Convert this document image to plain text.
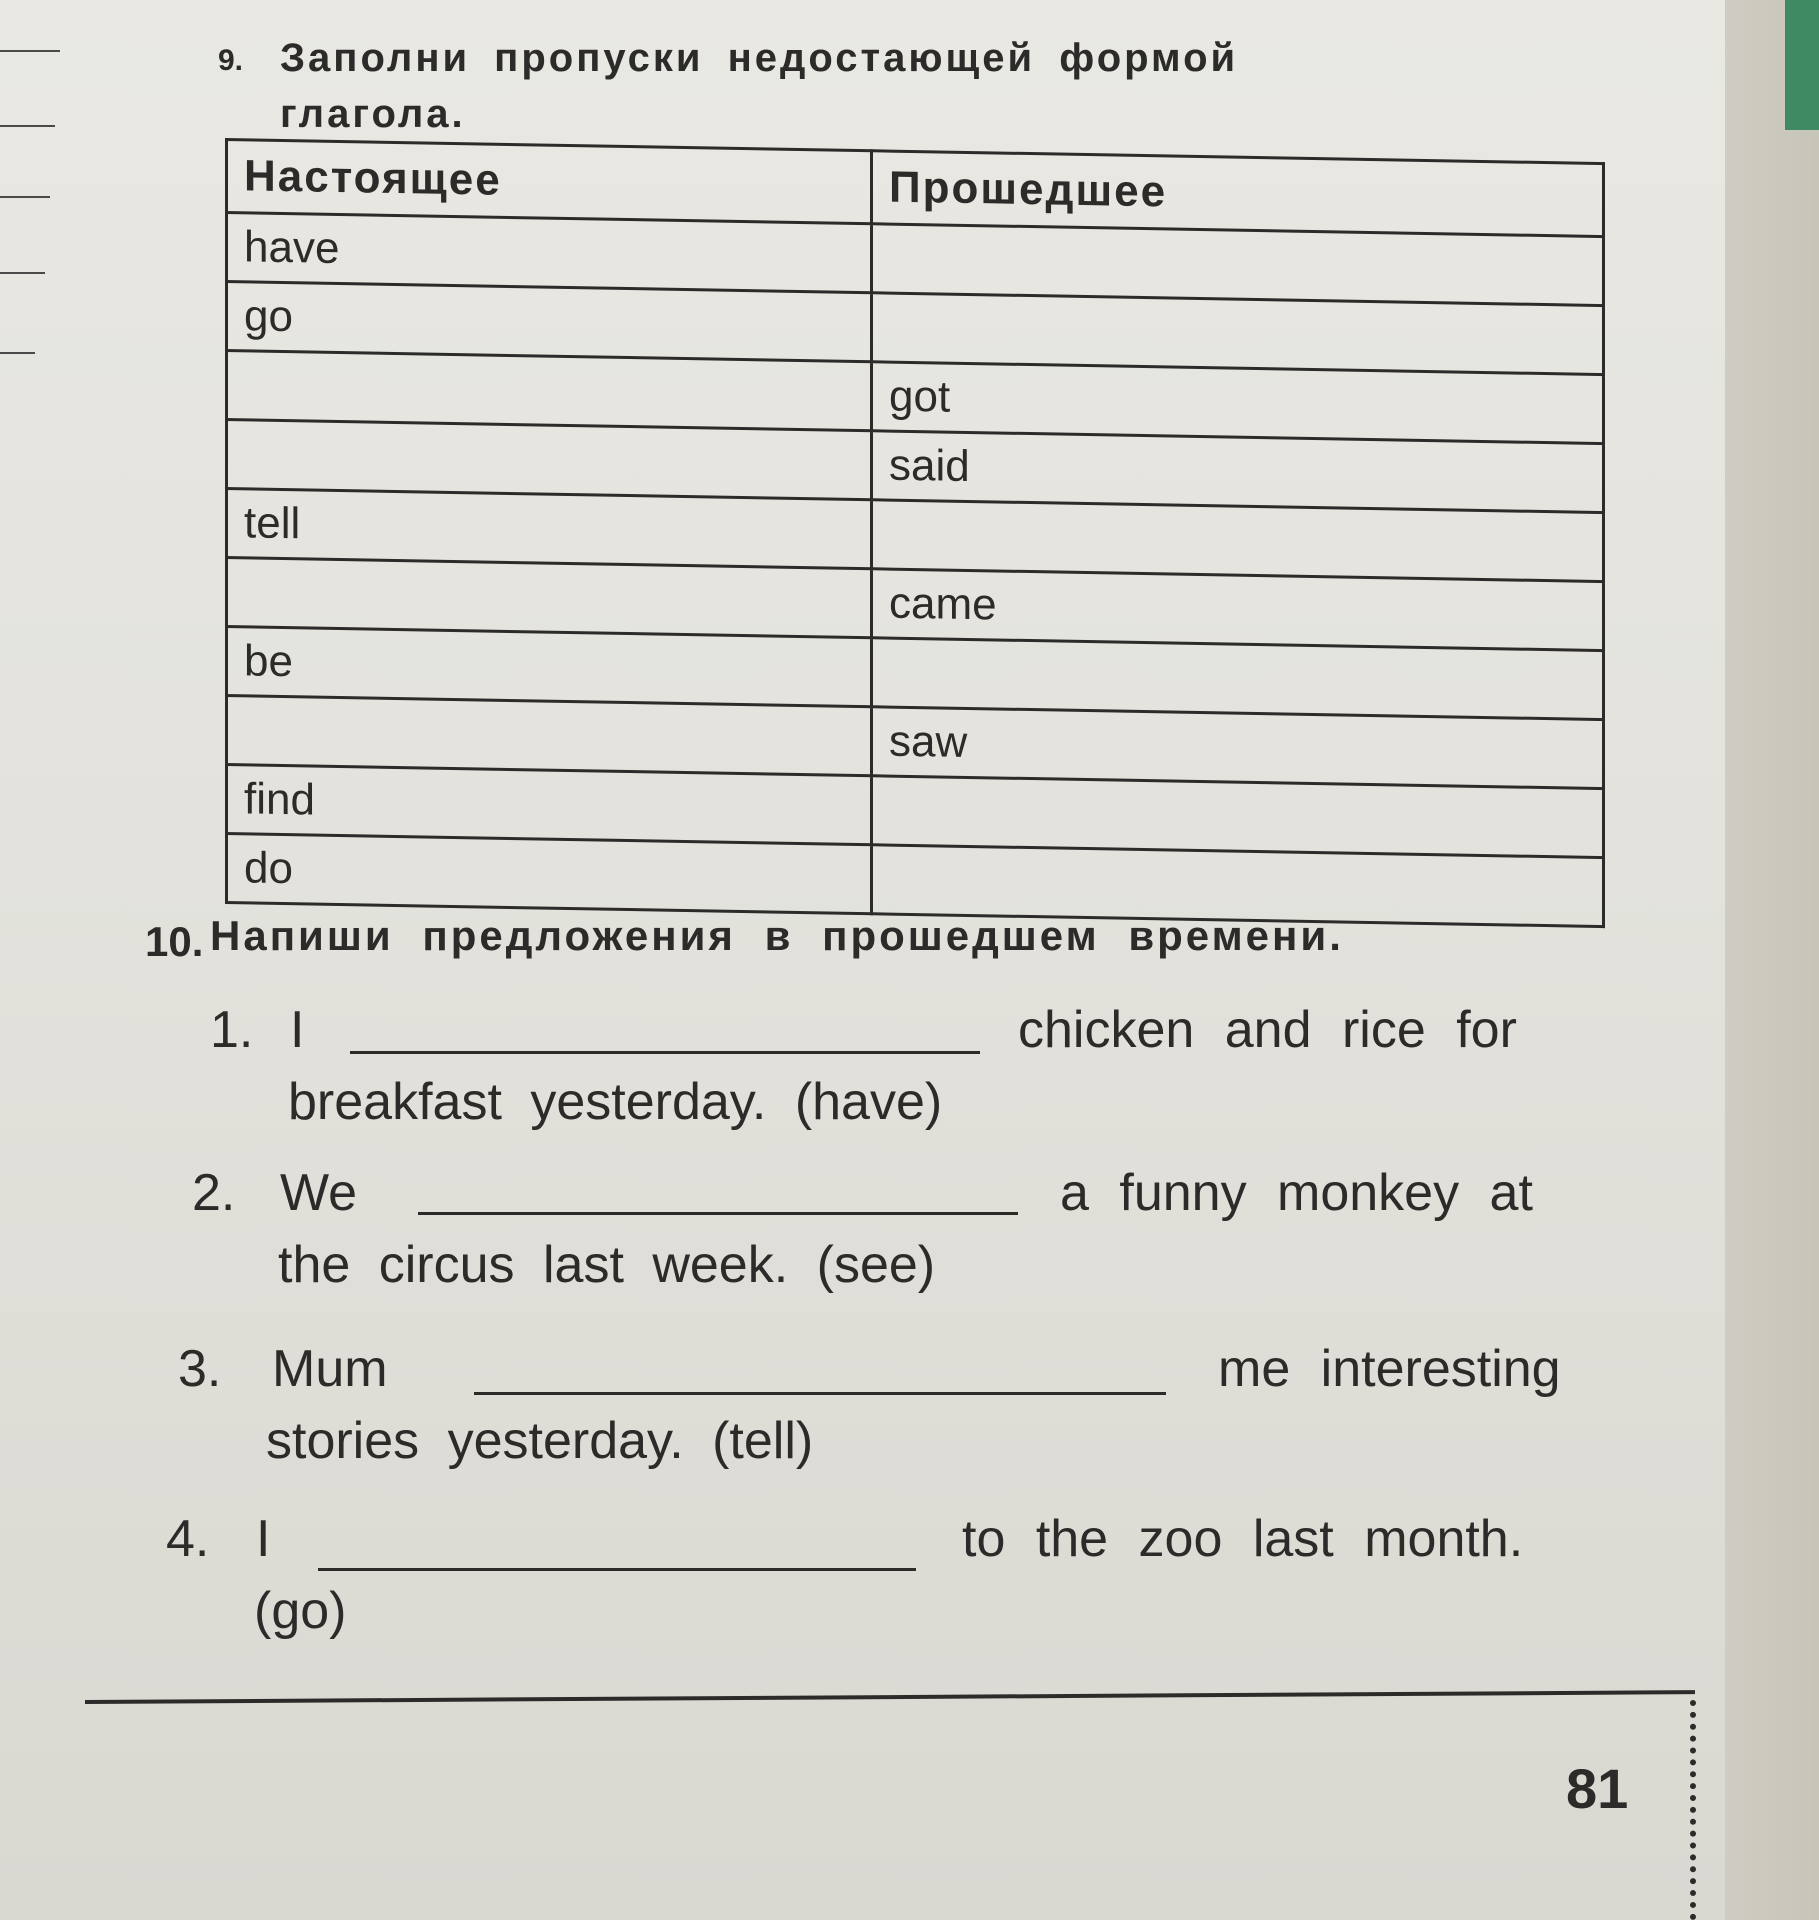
9. Заполни пропуски недостающей формой глагола.
Настоящее	Прошедшее
have	
go	
	got
	said
tell	
	came
be	
	saw
find	
do	
10. Напиши предложения в прошедшем времени.
1. I	chicken and rice for
breakfast yesterday. (have)
2. We	a funny monkey at
the circus last week. (see)
3. Mum	me interesting
stories yesterday. (tell)
4. I	to the zoo last month.
(go)
81
